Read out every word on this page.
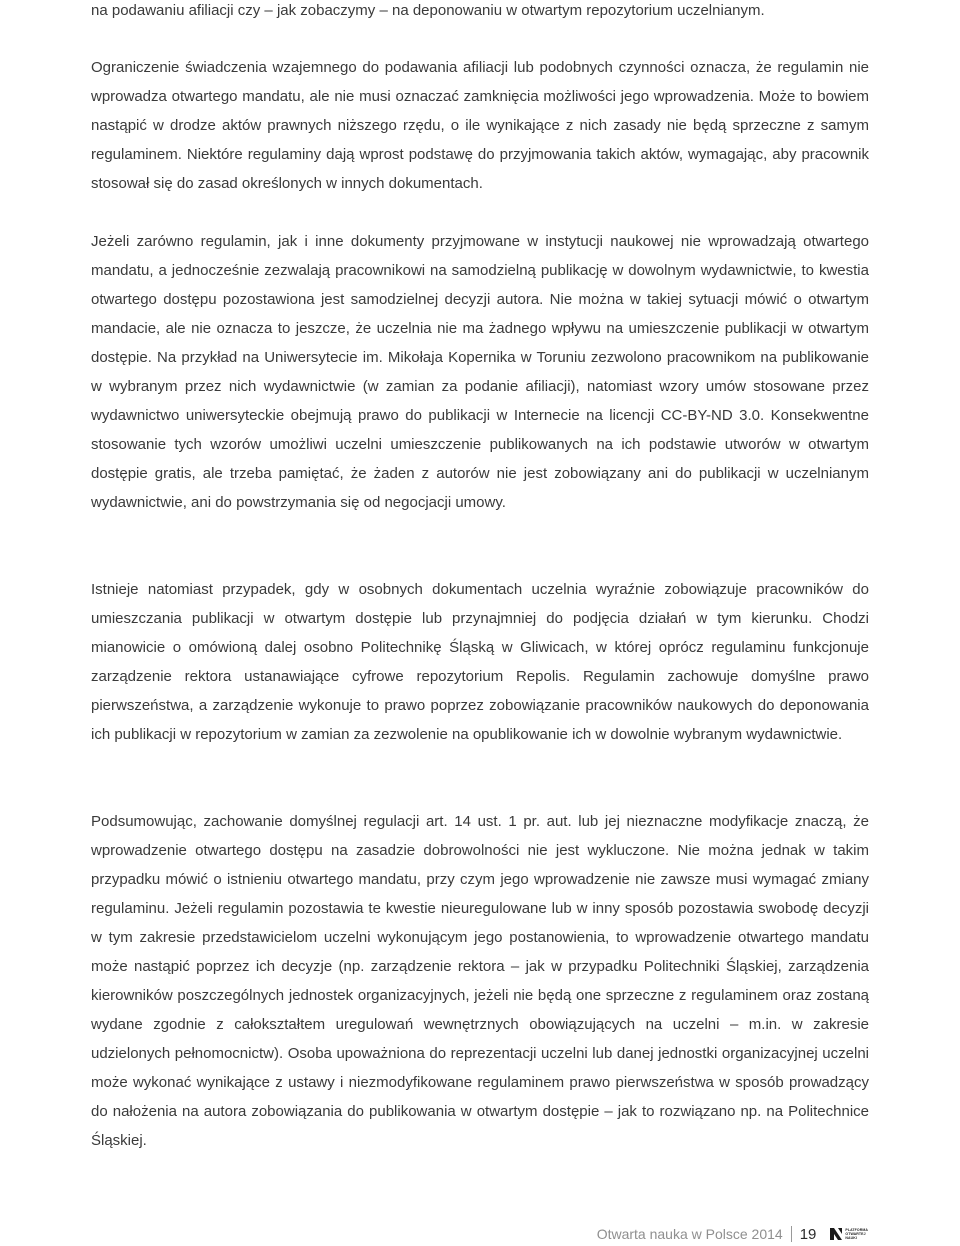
na podawaniu afiliacji czy – jak zobaczymy – na deponowaniu w otwartym repozytorium uczelnianym.

Ograniczenie świadczenia wzajemnego do podawania afiliacji lub podobnych czynności oznacza, że regulamin nie wprowadza otwartego mandatu, ale nie musi oznaczać zamknięcia możliwości jego wprowadzenia. Może to bowiem nastąpić w drodze aktów prawnych niższego rzędu, o ile wynikające z nich zasady nie będą sprzeczne z samym regulaminem. Niektóre regulaminy dają wprost podstawę do przyjmowania takich aktów, wymagając, aby pracownik stosował się do zasad określonych w innych dokumentach.

Jeżeli zarówno regulamin, jak i inne dokumenty przyjmowane w instytucji naukowej nie wprowadzają otwartego mandatu, a jednocześnie zezwalają pracownikowi na samodzielną publikację w dowolnym wydawnictwie, to kwestia otwartego dostępu pozostawiona jest samodzielnej decyzji autora. Nie można w takiej sytuacji mówić o otwartym mandacie, ale nie oznacza to jeszcze, że uczelnia nie ma żadnego wpływu na umieszczenie publikacji w otwartym dostępie. Na przykład na Uniwersytecie im. Mikołaja Kopernika w Toruniu zezwolono pracownikom na publikowanie w wybranym przez nich wydawnictwie (w zamian za podanie afiliacji), natomiast wzory umów stosowane przez wydawnictwo uniwersyteckie obejmują prawo do publikacji w Internecie na licencji CC-BY-ND 3.0. Konsekwentne stosowanie tych wzorów umożliwi uczelni umieszczenie publikowanych na ich podstawie utworów w otwartym dostępie gratis, ale trzeba pamiętać, że żaden z autorów nie jest zobowiązany ani do publikacji w uczelnianym wydawnictwie, ani do powstrzymania się od negocjacji umowy.

Istnieje natomiast przypadek, gdy w osobnych dokumentach uczelnia wyraźnie zobowiązuje pracowników do umieszczania publikacji w otwartym dostępie lub przynajmniej do podjęcia działań w tym kierunku. Chodzi mianowicie o omówioną dalej osobno Politechnikę Śląską w Gliwicach, w której oprócz regulaminu funkcjonuje zarządzenie rektora ustanawiające cyfrowe repozytorium Repolis. Regulamin zachowuje domyślne prawo pierwszeństwa, a zarządzenie wykonuje to prawo poprzez zobowiązanie pracowników naukowych do deponowania ich publikacji w repozytorium w zamian za zezwolenie na opublikowanie ich w dowolnie wybranym wydawnictwie.

Podsumowując, zachowanie domyślnej regulacji art. 14 ust. 1 pr. aut. lub jej nieznaczne modyfikacje znaczą, że wprowadzenie otwartego dostępu na zasadzie dobrowolności nie jest wykluczone. Nie można jednak w takim przypadku mówić o istnieniu otwartego mandatu, przy czym jego wprowadzenie nie zawsze musi wymagać zmiany regulaminu. Jeżeli regulamin pozostawia te kwestie nieuregulowane lub w inny sposób pozostawia swobodę decyzji w tym zakresie przedstawicielom uczelni wykonującym jego postanowienia, to wprowadzenie otwartego mandatu może nastąpić poprzez ich decyzje (np. zarządzenie rektora – jak w przypadku Politechniki Śląskiej, zarządzenia kierowników poszczególnych jednostek organizacyjnych, jeżeli nie będą one sprzeczne z regulaminem oraz zostaną wydane zgodnie z całokształtem uregulowań wewnętrznych obowiązujących na uczelni – m.in. w zakresie udzielonych pełnomocnictw). Osoba upoważniona do reprezentacji uczelni lub danej jednostki organizacyjnej uczelni może wykonać wynikające z ustawy i niezmodyfikowane regulaminem prawo pierwszeństwa w sposób prowadzący do nałożenia na autora zobowiązania do publikowania w otwartym dostępie – jak to rozwiązano np. na Politechnice Śląskiej.

Otwarta nauka w Polsce 2014 19	PLATFORMA
OTWARTEJ
NAUKI
